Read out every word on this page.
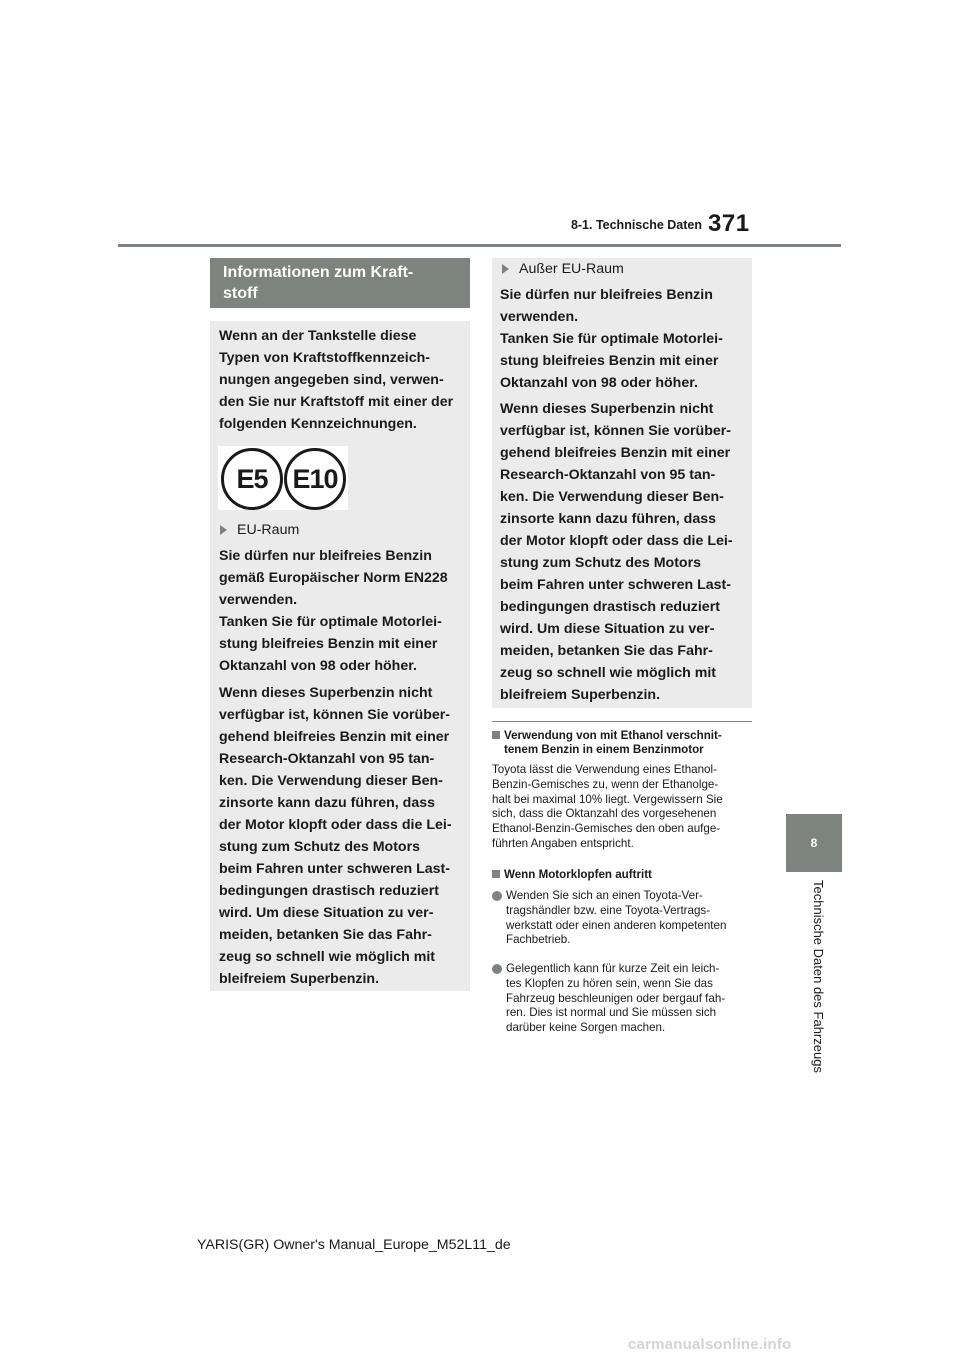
8-1. Technische Daten 371
8
Technische Daten des Fahrzeugs
Informationen zum Kraft-
stoff

Wenn an der Tankstelle diese

Typen von Kraftstoffkennzeich-

nungen angegeben sind, verwen-

den Sie nur Kraftstoff mit einer der

folgenden Kennzeichnungen.

E5 E10
EU-Raum

Sie dürfen nur bleifreies Benzin

gemäß Europäischer Norm EN228

verwenden.

Tanken Sie für optimale Motorlei-

stung bleifreies Benzin mit einer

Oktanzahl von 98 oder höher.

Wenn dieses Superbenzin nicht

verfügbar ist, können Sie vorüber-

gehend bleifreies Benzin mit einer

Research-Oktanzahl von 95 tan-

ken. Die Verwendung dieser Ben-

zinsorte kann dazu führen, dass

der Motor klopft oder dass die Lei-

stung zum Schutz des Motors

beim Fahren unter schweren Last-

bedingungen drastisch reduziert

wird. Um diese Situation zu ver-

meiden, betanken Sie das Fahr-

zeug so schnell wie möglich mit

bleifreiem Superbenzin.

Außer EU-Raum

Sie dürfen nur bleifreies Benzin

verwenden.

Tanken Sie für optimale Motorlei-

stung bleifreies Benzin mit einer

Oktanzahl von 98 oder höher.

Wenn dieses Superbenzin nicht

verfügbar ist, können Sie vorüber-

gehend bleifreies Benzin mit einer

Research-Oktanzahl von 95 tan-

ken. Die Verwendung dieser Ben-

zinsorte kann dazu führen, dass

der Motor klopft oder dass die Lei-

stung zum Schutz des Motors

beim Fahren unter schweren Last-

bedingungen drastisch reduziert

wird. Um diese Situation zu ver-

meiden, betanken Sie das Fahr-

zeug so schnell wie möglich mit

bleifreiem Superbenzin.

Verwendung von mit Ethanol verschnit-
tenem Benzin in einem Benzinmotor
Toyota lässt die Verwendung eines Ethanol-
Benzin-Gemisches zu, wenn der Ethanolge-
halt bei maximal 10% liegt. Vergewissern Sie
sich, dass die Oktanzahl des vorgesehenen
Ethanol-Benzin-Gemisches den oben aufge-
führten Angaben entspricht.
Wenn Motorklopfen auftritt
Wenden Sie sich an einen Toyota-Ver-
tragshändler bzw. eine Toyota-Vertrags-
werkstatt oder einen anderen kompetenten
Fachbetrieb.
Gelegentlich kann für kurze Zeit ein leich-
tes Klopfen zu hören sein, wenn Sie das
Fahrzeug beschleunigen oder bergauf fah-
ren. Dies ist normal und Sie müssen sich
darüber keine Sorgen machen.
YARIS(GR) Owner's Manual_Europe_M52L11_de
carmanualsonline.info
